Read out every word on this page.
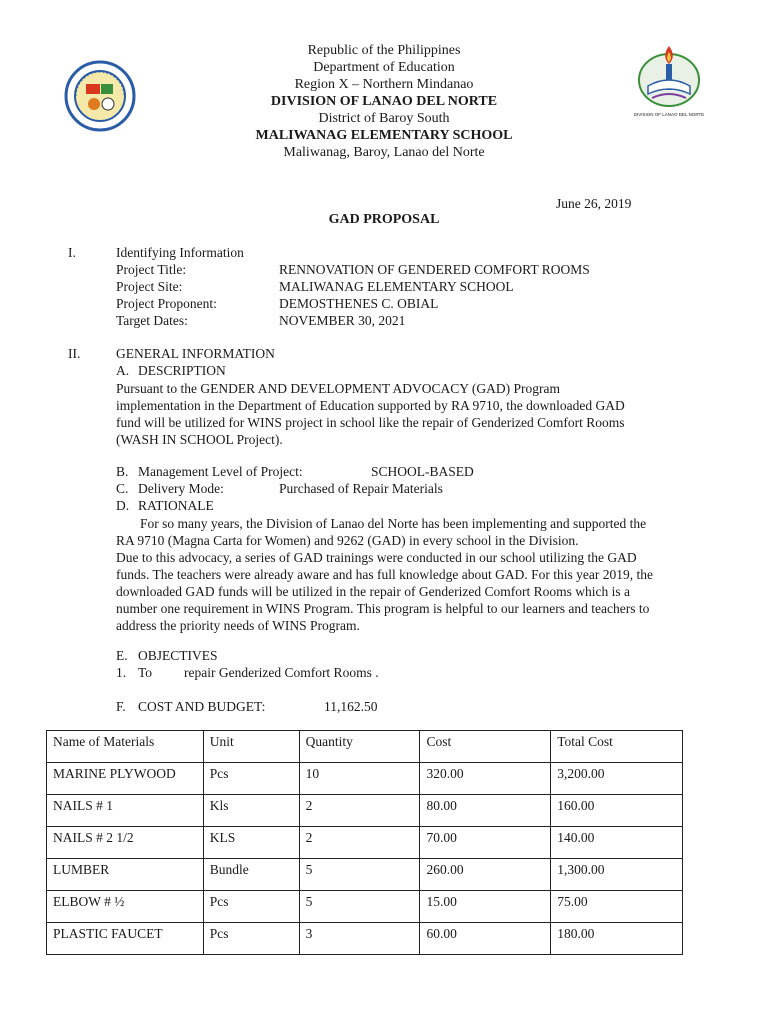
DIVISION OF LANAO DEL NORTE
Republic of the Philippines
Department of Education
Region X – Northern Mindanao
DIVISION OF LANAO DEL NORTE
District of Baroy South
MALIWANAG ELEMENTARY SCHOOL
Maliwanag, Baroy, Lanao del Norte
June 26, 2019
GAD PROPOSAL
I.	Identifying Information
Project Title:	RENNOVATION OF GENDERED COMFORT ROOMS
Project Site:	MALIWANAG ELEMENTARY SCHOOL
Project Proponent:	DEMOSTHENES C. OBIAL
Target Dates:	NOVEMBER 30, 2021
II.	GENERAL INFORMATION
A. DESCRIPTION
Pursuant to the GENDER AND DEVELOPMENT ADVOCACY (GAD) Program
implementation in the Department of Education supported by RA 9710, the downloaded GAD
fund will be utilized for WINS project in school like the repair of Genderized Comfort Rooms
(WASH IN SCHOOL Project).
B. Management Level of Project:	SCHOOL-BASED
C. Delivery Mode:	Purchased of Repair Materials
D. RATIONALE
For so many years, the Division of Lanao del Norte has been implementing and supported the
RA 9710 (Magna Carta for Women) and 9262 (GAD) in every school in the Division.
Due to this advocacy, a series of GAD trainings were conducted in our school utilizing the GAD
funds. The teachers were already aware and has full knowledge about GAD. For this year 2019, the
downloaded GAD funds will be utilized in the repair of Genderized Comfort Rooms which is a
number one requirement in WINS Program. This program is helpful to our learners and teachers to
address the priority needs of WINS Program.
E. OBJECTIVES
1. To repair Genderized Comfort Rooms .
F. COST AND BUDGET:	11,162.50
Name of Materials	Unit	Quantity	Cost	Total Cost
MARINE PLYWOOD	Pcs	10	320.00	3,200.00
NAILS # 1	Kls	2	80.00	160.00
NAILS # 2 1/2	KLS	2	70.00	140.00
LUMBER	Bundle	5	260.00	1,300.00
ELBOW # ½	Pcs	5	15.00	75.00
PLASTIC FAUCET	Pcs	3	60.00	180.00
